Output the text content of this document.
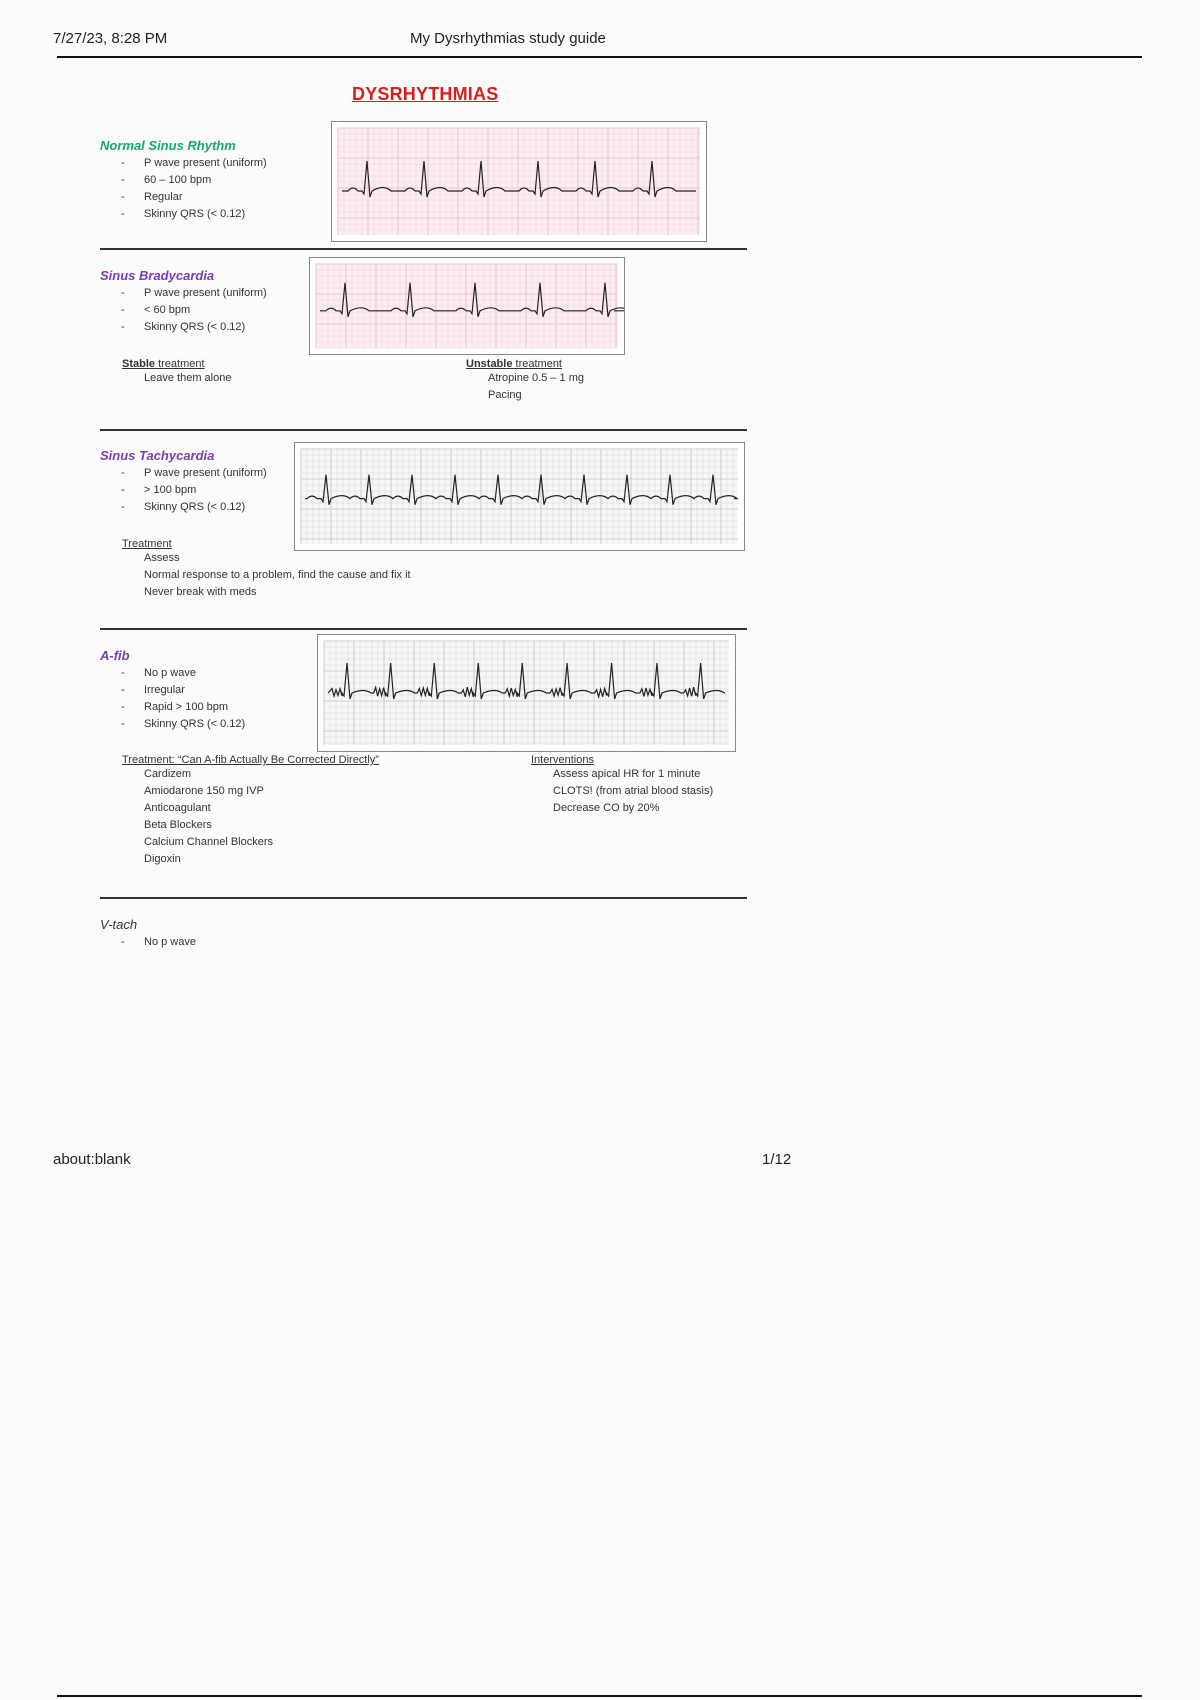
7/27/23, 8:28 PM	My Dysrhythmias study guide
DYSRHYTHMIAS
Normal Sinus Rhythm
- P wave present (uniform)
- 60 – 100 bpm
- Regular
- Skinny QRS (< 0.12)
Sinus Bradycardia
- P wave present (uniform)
- < 60 bpm
- Skinny QRS (< 0.12)
Stable treatment
Leave them alone
Unstable treatment
Atropine 0.5 – 1 mg
Pacing
Sinus Tachycardia
- P wave present (uniform)
- > 100 bpm
- Skinny QRS (< 0.12)
Treatment
Assess
Normal response to a problem, find the cause and fix it
Never break with meds
A-fib
- No p wave
- Irregular
- Rapid > 100 bpm
- Skinny QRS (< 0.12)
Treatment: “Can A-fib Actually Be Corrected Directly”
Cardizem
Amiodarone 150 mg IVP
Anticoagulant
Beta Blockers
Calcium Channel Blockers
Digoxin
Interventions
Assess apical HR for 1 minute
CLOTS! (from atrial blood stasis)
Decrease CO by 20%
V-tach
- No p wave
about:blank	1/12
